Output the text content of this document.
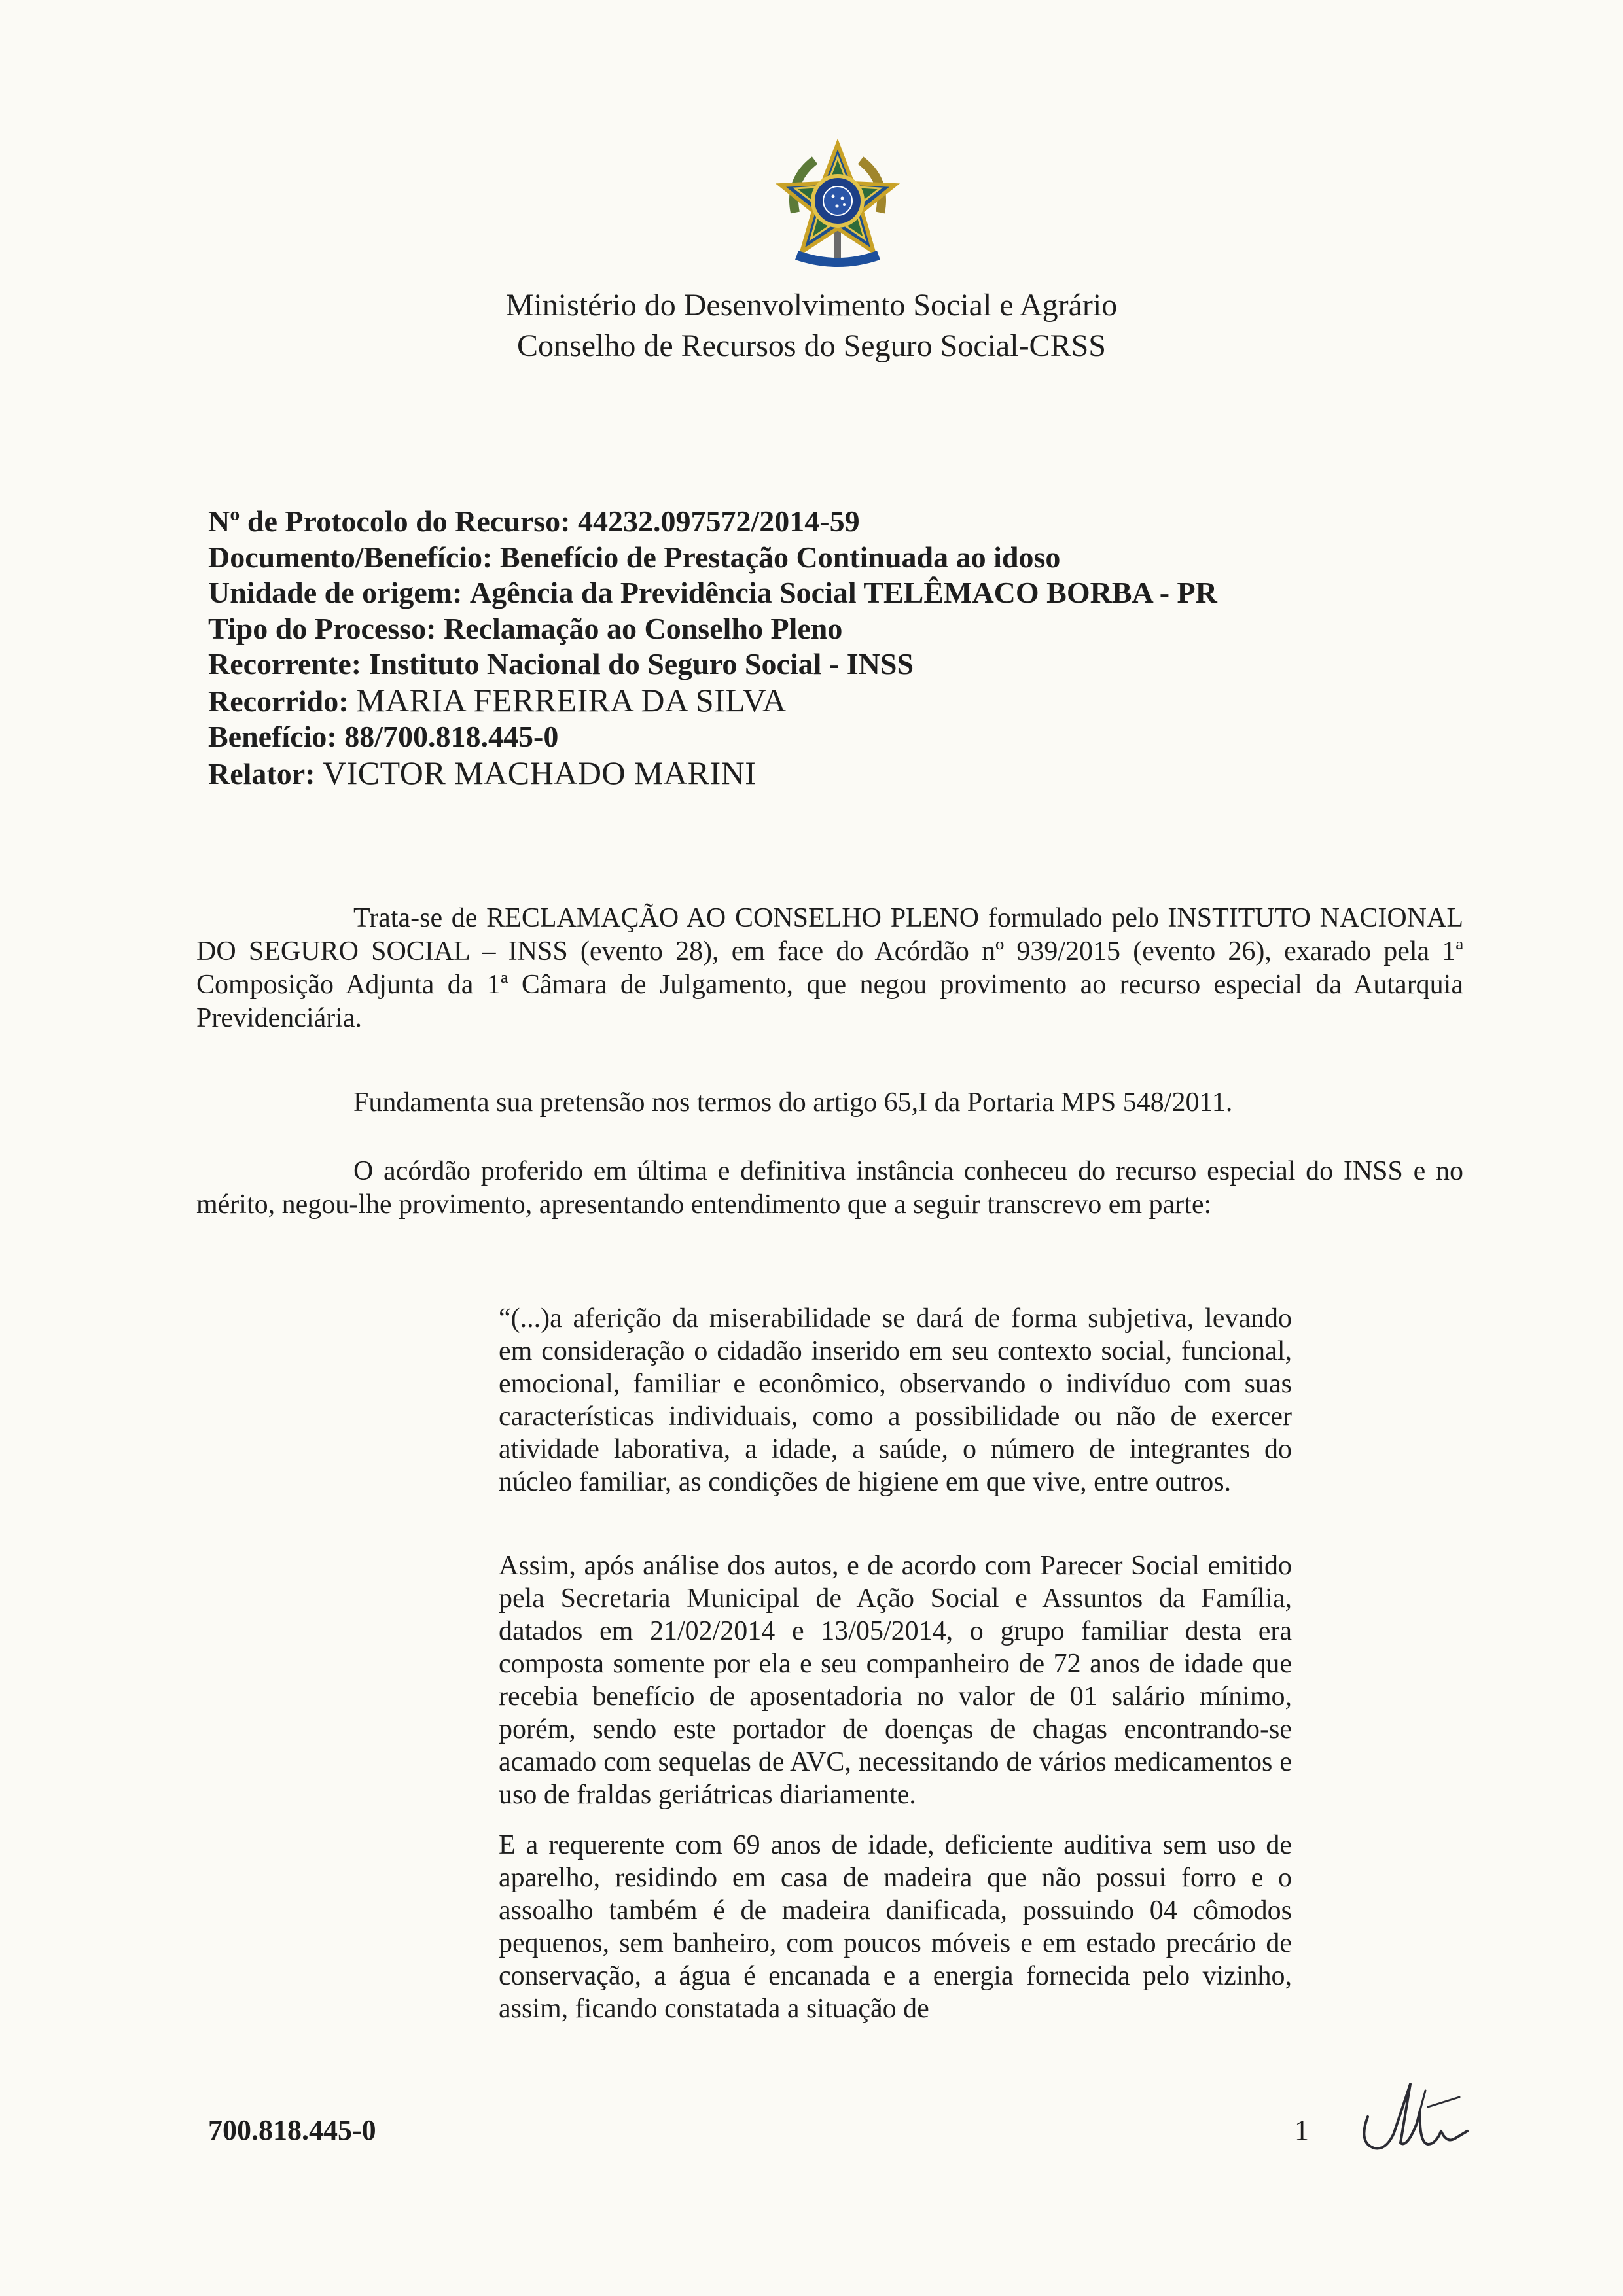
Ministério do Desenvolvimento Social e Agrário
Conselho de Recursos do Seguro Social-CRSS
Nº de Protocolo do Recurso: 44232.097572/2014-59
Documento/Benefício: Benefício de Prestação Continuada ao idoso
Unidade de origem: Agência da Previdência Social TELÊMACO BORBA - PR
Tipo do Processo: Reclamação ao Conselho Pleno
Recorrente: Instituto Nacional do Seguro Social - INSS
Recorrido: MARIA FERREIRA DA SILVA
Benefício: 88/700.818.445-0
Relator: VICTOR MACHADO MARINI

Trata-se de RECLAMAÇÃO AO CONSELHO PLENO formulado pelo INSTITUTO NACIONAL DO SEGURO SOCIAL – INSS (evento 28), em face do Acórdão nº 939/2015 (evento 26), exarado pela 1ª Composição Adjunta da 1ª Câmara de Julgamento, que negou provimento ao recurso especial da Autarquia Previdenciária.

Fundamenta sua pretensão nos termos do artigo 65,I da Portaria MPS 548/2011.

O acórdão proferido em última e definitiva instância conheceu do recurso especial do INSS e no mérito, negou-lhe provimento, apresentando entendimento que a seguir transcrevo em parte:

“(...)a aferição da miserabilidade se dará de forma subjetiva, levando em consideração o cidadão inserido em seu contexto social, funcional, emocional, familiar e econômico, observando o indivíduo com suas características individuais, como a possibilidade ou não de exercer atividade laborativa, a idade, a saúde, o número de integrantes do núcleo familiar, as condições de higiene em que vive, entre outros.

Assim, após análise dos autos, e de acordo com Parecer Social emitido pela Secretaria Municipal de Ação Social e Assuntos da Família, datados em 21/02/2014 e 13/05/2014, o grupo familiar desta era composta somente por ela e seu companheiro de 72 anos de idade que recebia benefício de aposentadoria no valor de 01 salário mínimo, porém, sendo este portador de doenças de chagas encontrando-se acamado com sequelas de AVC, necessitando de vários medicamentos e uso de fraldas geriátricas diariamente.

E a requerente com 69 anos de idade, deficiente auditiva sem uso de aparelho, residindo em casa de madeira que não possui forro e o assoalho também é de madeira danificada, possuindo 04 cômodos pequenos, sem banheiro, com poucos móveis e em estado precário de conservação, a água é encanada e a energia fornecida pelo vizinho, assim, ficando constatada a situação de

700.818.445-0	1
